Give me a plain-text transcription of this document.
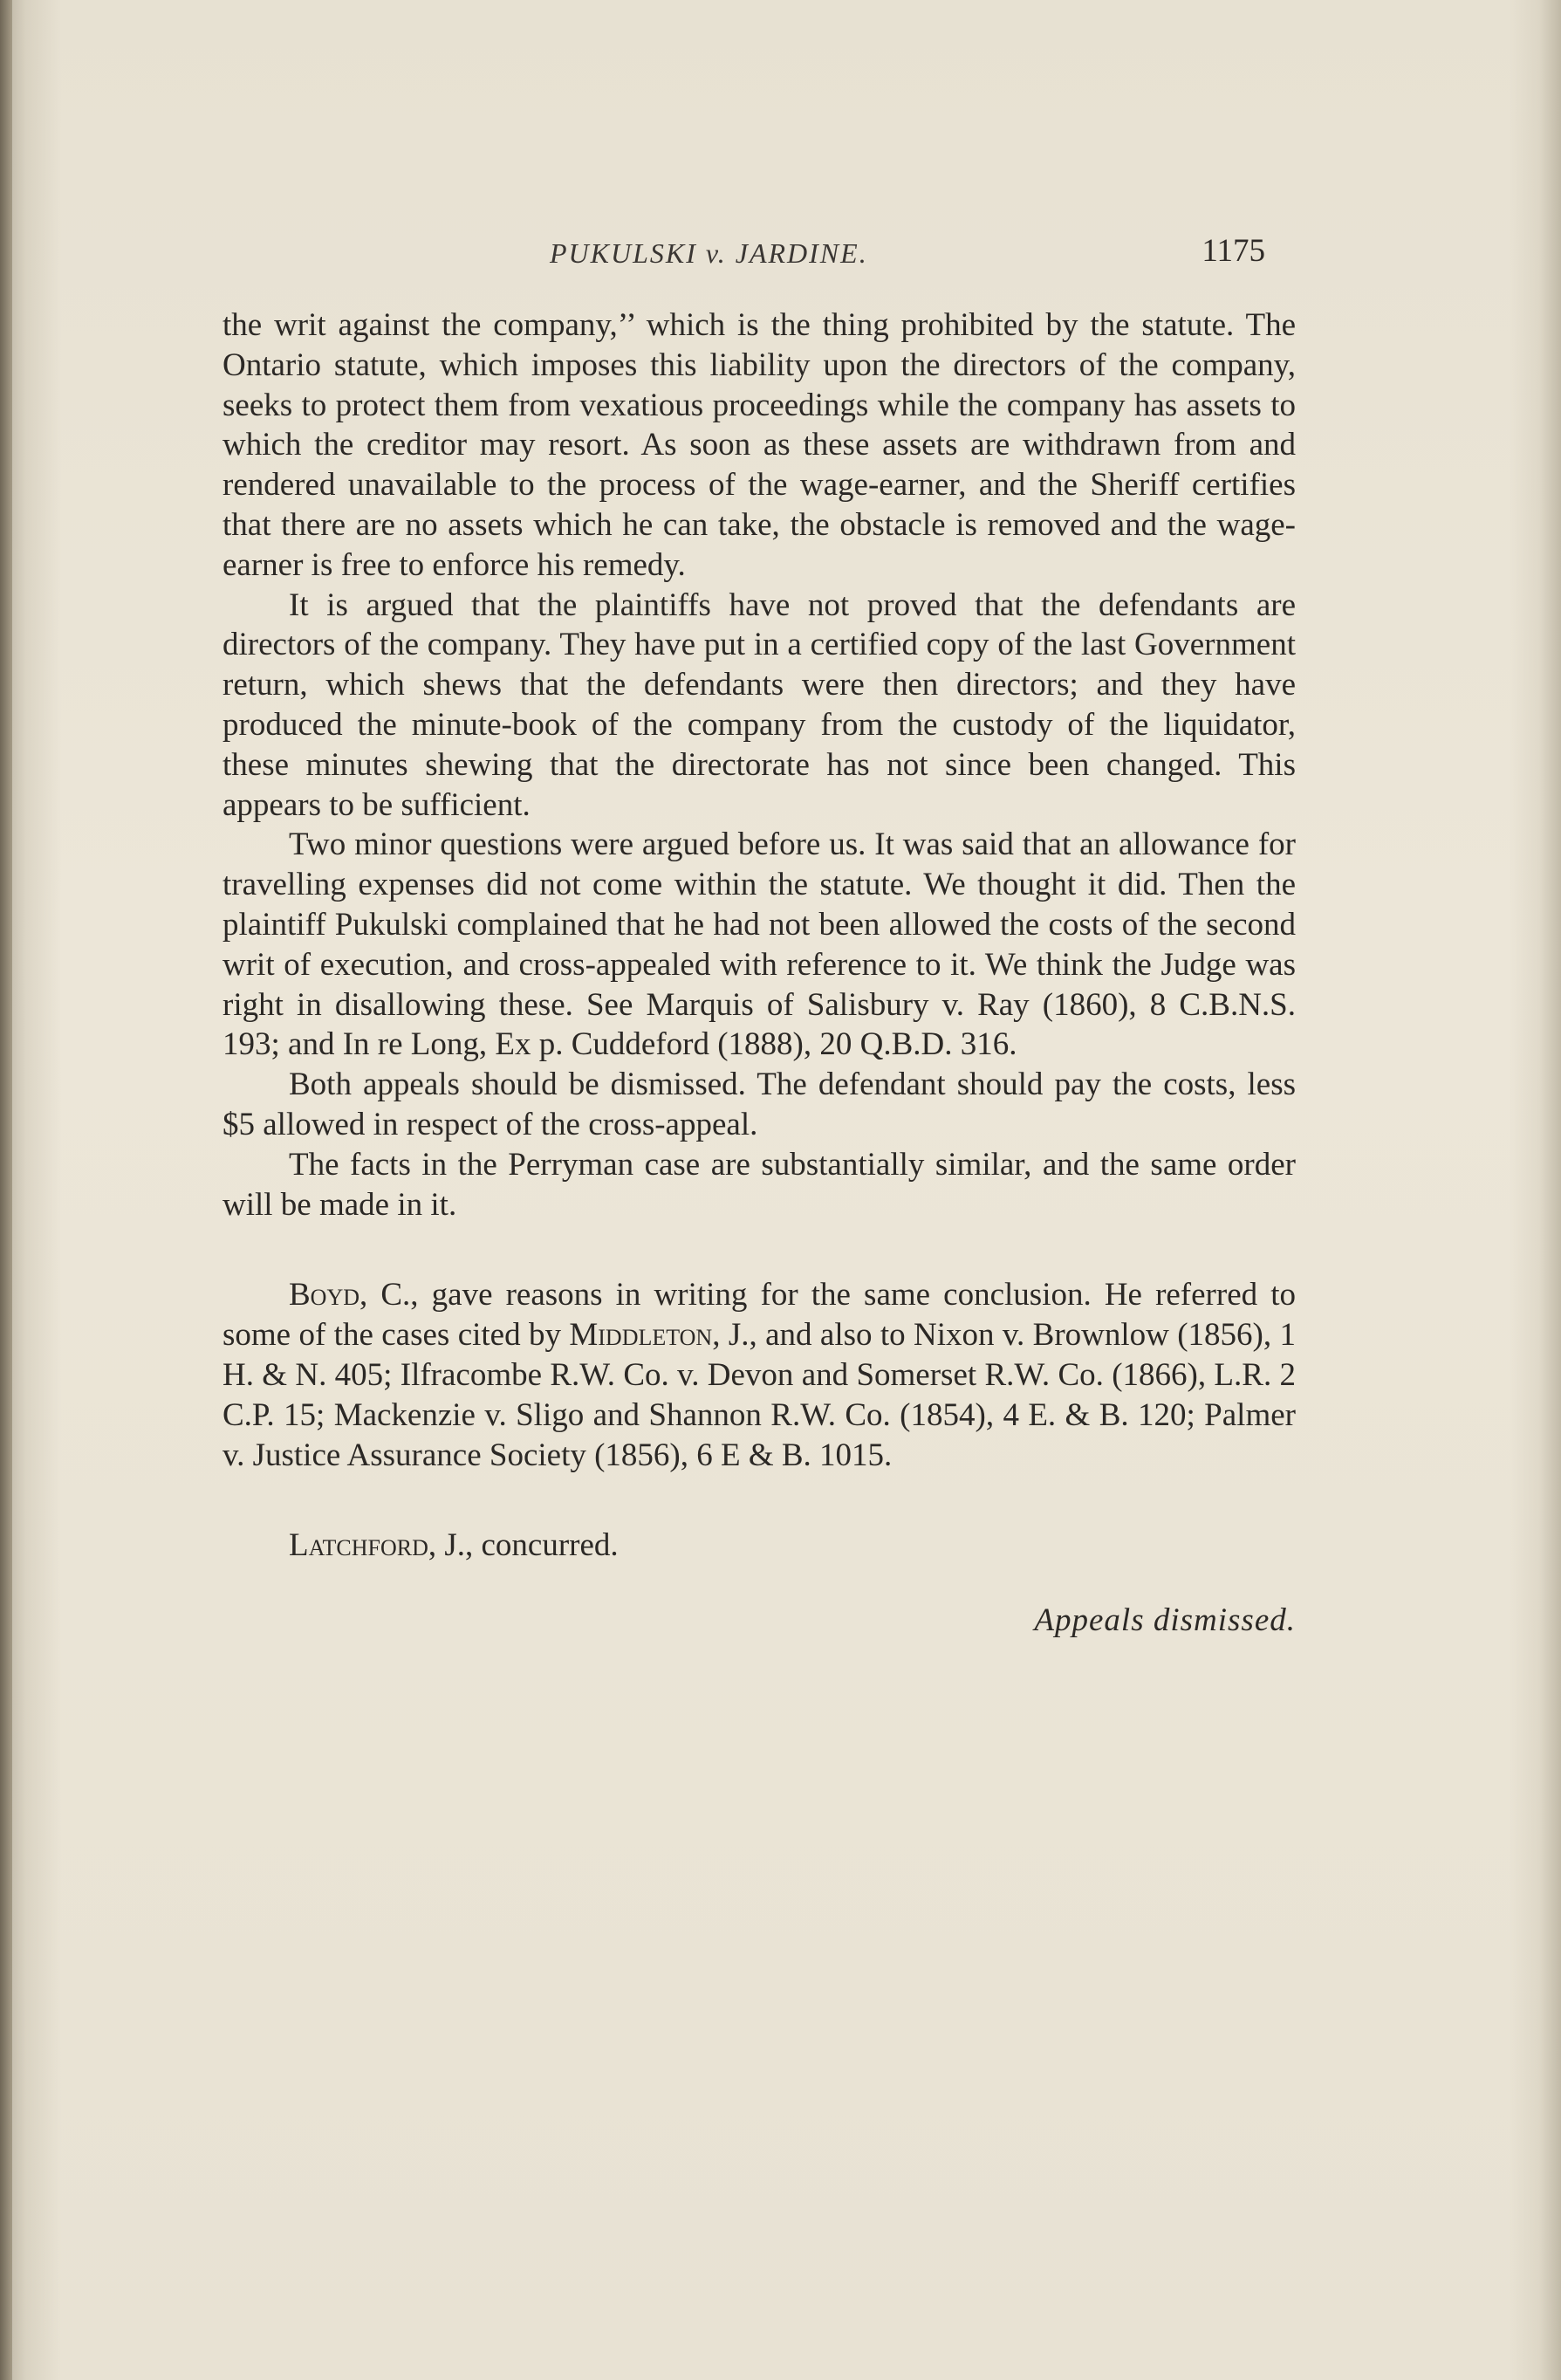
PUKULSKI v. JARDINE.	1175

the writ against the company,’’ which is the thing prohibited by the statute. The Ontario statute, which imposes this liability upon the directors of the company, seeks to protect them from vexatious proceedings while the company has assets to which the creditor may resort. As soon as these assets are withdrawn from and rendered unavailable to the process of the wage-earner, and the Sheriff certifies that there are no assets which he can take, the obstacle is removed and the wage-earner is free to enforce his remedy.

It is argued that the plaintiffs have not proved that the defendants are directors of the company. They have put in a certified copy of the last Government return, which shews that the defendants were then directors; and they have produced the minute-book of the company from the custody of the liquidator, these minutes shewing that the directorate has not since been changed. This appears to be sufficient.

Two minor questions were argued before us. It was said that an allowance for travelling expenses did not come within the statute. We thought it did. Then the plaintiff Pukulski complained that he had not been allowed the costs of the second writ of execution, and cross-appealed with reference to it. We think the Judge was right in disallowing these. See Marquis of Salisbury v. Ray (1860), 8 C.B.N.S. 193; and In re Long, Ex p. Cuddeford (1888), 20 Q.B.D. 316.

Both appeals should be dismissed. The defendant should pay the costs, less $5 allowed in respect of the cross-appeal.

The facts in the Perryman case are substantially similar, and the same order will be made in it.

Boyd, C., gave reasons in writing for the same conclusion. He referred to some of the cases cited by Middleton, J., and also to Nixon v. Brownlow (1856), 1 H. & N. 405; Ilfracombe R.W. Co. v. Devon and Somerset R.W. Co. (1866), L.R. 2 C.P. 15; Mackenzie v. Sligo and Shannon R.W. Co. (1854), 4 E. & B. 120; Palmer v. Justice Assurance Society (1856), 6 E & B. 1015.

Latchford, J., concurred.

Appeals dismissed.
